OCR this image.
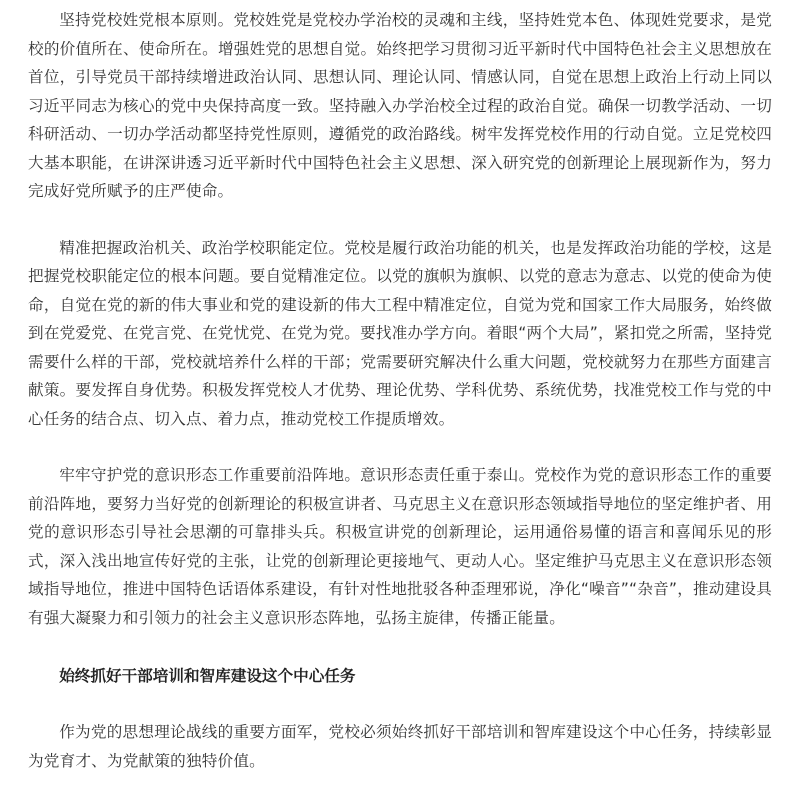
坚持党校姓党根本原则。党校姓党是党校办学治校的灵魂和主线，坚持姓党本色、体现姓党要求，是党校的价值所在、使命所在。增强姓党的思想自觉。始终把学习贯彻习近平新时代中国特色社会主义思想放在首位，引导党员干部持续增进政治认同、思想认同、理论认同、情感认同，自觉在思想上政治上行动上同以习近平同志为核心的党中央保持高度一致。坚持融入办学治校全过程的政治自觉。确保一切教学活动、一切科研活动、一切办学活动都坚持党性原则，遵循党的政治路线。树牢发挥党校作用的行动自觉。立足党校四大基本职能，在讲深讲透习近平新时代中国特色社会主义思想、深入研究党的创新理论上展现新作为，努力完成好党所赋予的庄严使命。

精准把握政治机关、政治学校职能定位。党校是履行政治功能的机关，也是发挥政治功能的学校，这是把握党校职能定位的根本问题。要自觉精准定位。以党的旗帜为旗帜、以党的意志为意志、以党的使命为使命，自觉在党的新的伟大事业和党的建设新的伟大工程中精准定位，自觉为党和国家工作大局服务，始终做到在党爱党、在党言党、在党忧党、在党为党。要找准办学方向。着眼“两个大局”，紧扣党之所需，坚持党需要什么样的干部，党校就培养什么样的干部；党需要研究解决什么重大问题，党校就努力在那些方面建言献策。要发挥自身优势。积极发挥党校人才优势、理论优势、学科优势、系统优势，找准党校工作与党的中心任务的结合点、切入点、着力点，推动党校工作提质增效。

牢牢守护党的意识形态工作重要前沿阵地。意识形态责任重于泰山。党校作为党的意识形态工作的重要前沿阵地，要努力当好党的创新理论的积极宣讲者、马克思主义在意识形态领域指导地位的坚定维护者、用党的意识形态引导社会思潮的可靠排头兵。积极宣讲党的创新理论，运用通俗易懂的语言和喜闻乐见的形式，深入浅出地宣传好党的主张，让党的创新理论更接地气、更动人心。坚定维护马克思主义在意识形态领域指导地位，推进中国特色话语体系建设，有针对性地批驳各种歪理邪说，净化“噪音”“杂音”，推动建设具有强大凝聚力和引领力的社会主义意识形态阵地，弘扬主旋律，传播正能量。

始终抓好干部培训和智库建设这个中心任务

作为党的思想理论战线的重要方面军，党校必须始终抓好干部培训和智库建设这个中心任务，持续彰显为党育才、为党献策的独特价值。
